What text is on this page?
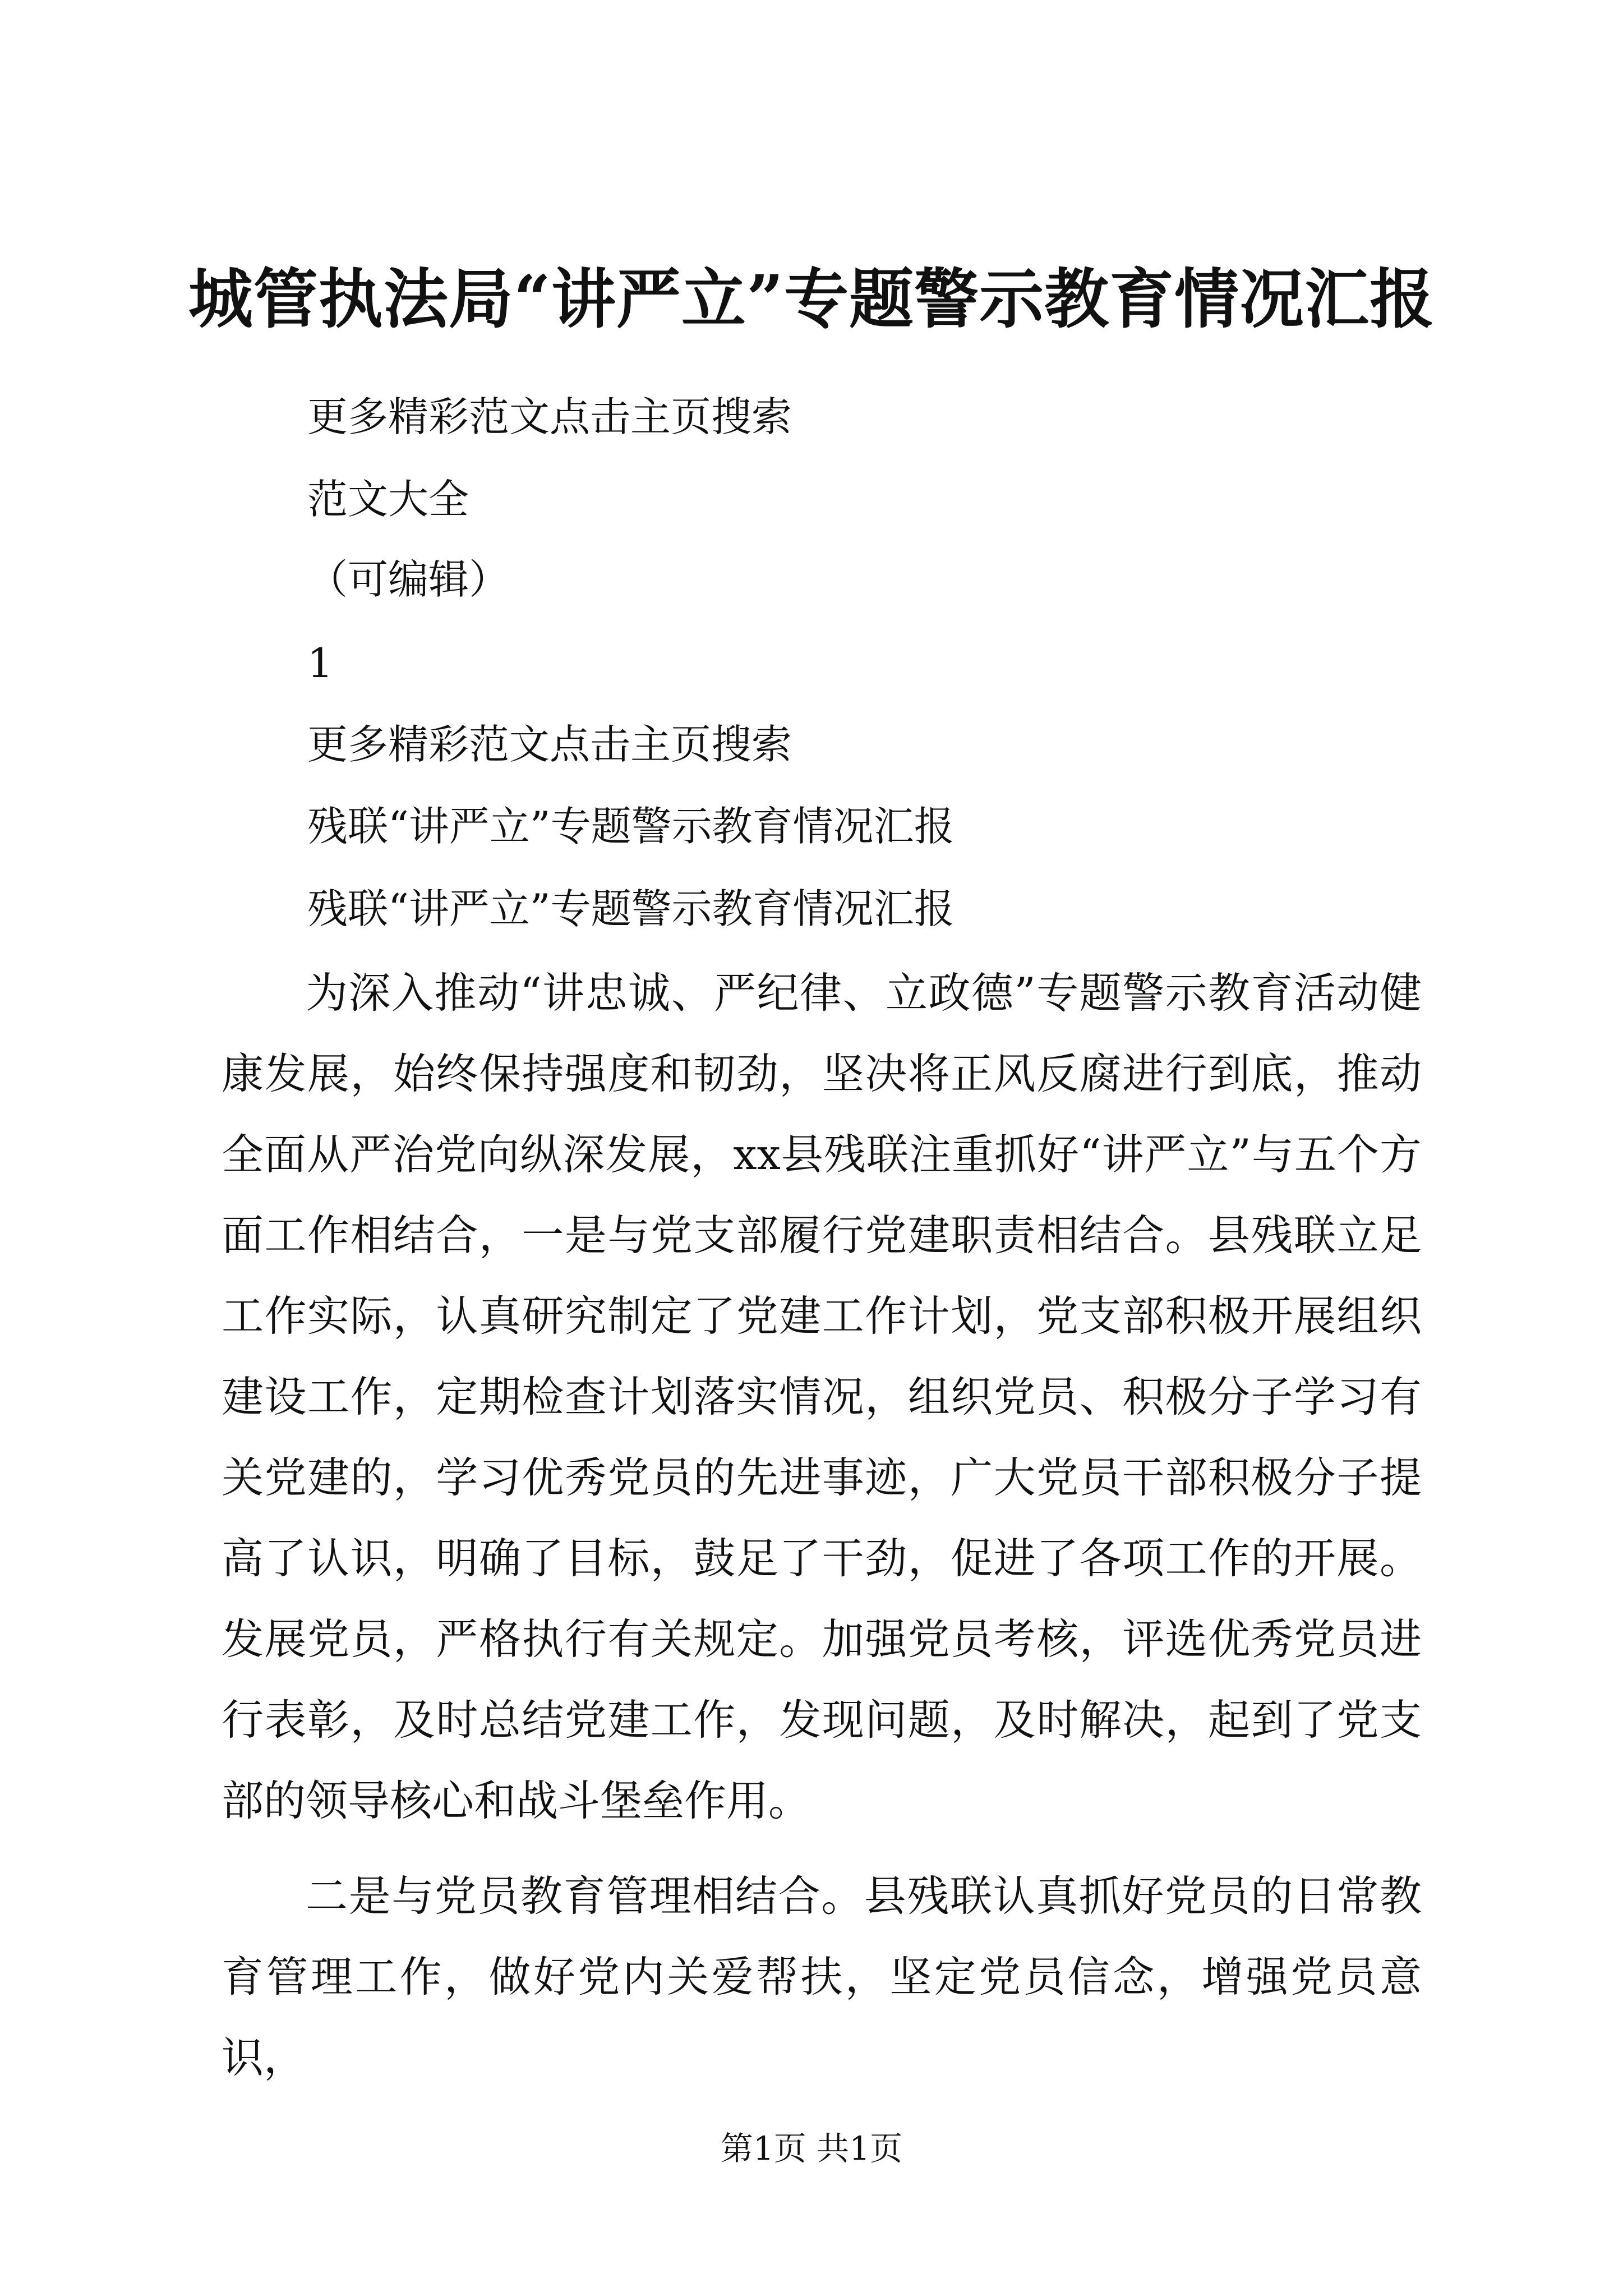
城管执法局“讲严立”专题警示教育情况汇报

更多精彩范文点击主页搜索

范文大全

（可编辑）

1

更多精彩范文点击主页搜索

残联“讲严立”专题警示教育情况汇报

残联“讲严立”专题警示教育情况汇报

为深入推动“讲忠诚、严纪律、立政德”专题警示教育活动健康发展，始终保持强度和韧劲，坚决将正风反腐进行到底，推动全面从严治党向纵深发展，xx县残联注重抓好“讲严立”与五个方面工作相结合，一是与党支部履行党建职责相结合。县残联立足工作实际，认真研究制定了党建工作计划，党支部积极开展组织建设工作，定期检查计划落实情况，组织党员、积极分子学习有关党建的，学习优秀党员的先进事迹，广大党员干部积极分子提高了认识，明确了目标，鼓足了干劲，促进了各项工作的开展。发展党员，严格执行有关规定。加强党员考核，评选优秀党员进行表彰，及时总结党建工作，发现问题，及时解决，起到了党支部的领导核心和战斗堡垒作用。

二是与党员教育管理相结合。县残联认真抓好党员的日常教育管理工作，做好党内关爱帮扶，坚定党员信念，增强党员意识，

第1页 共1页
